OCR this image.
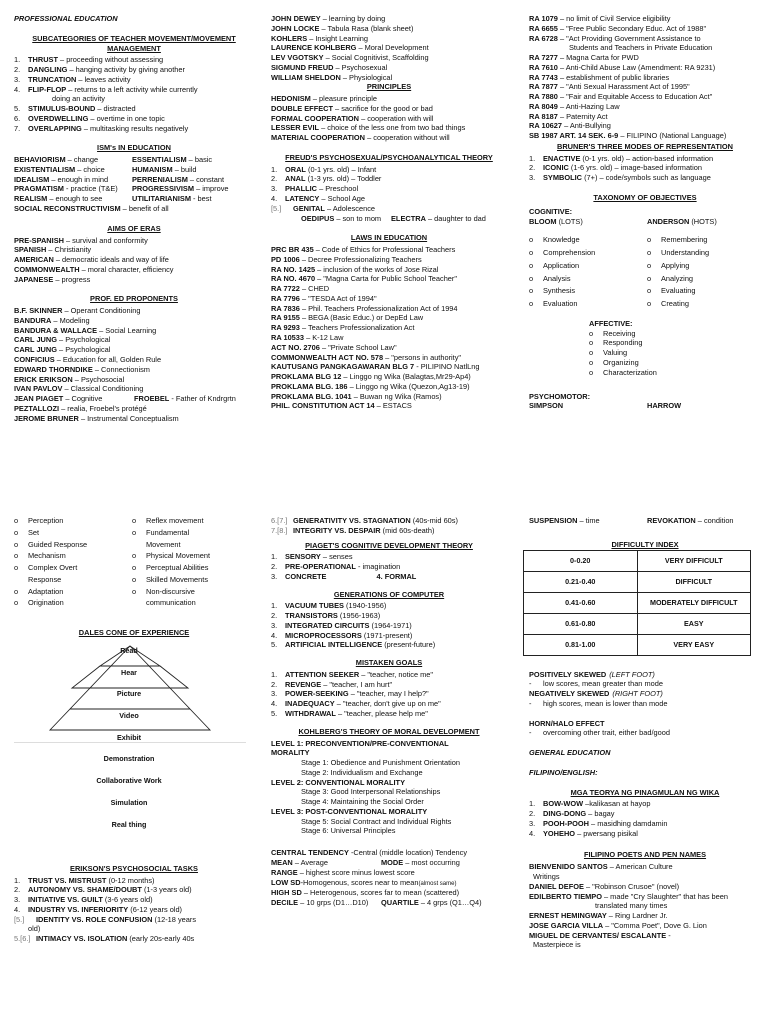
PROFESSIONAL EDUCATION
SUBCATEGORIES OF TEACHER MOVEMENT/MOVEMENT MANAGEMENT
1. THRUST – proceeding without assessing
2. DANGLING – hanging activity by giving another
3. TRUNCATION – leaves activity
4. FLIP-FLOP – returns to a left activity while currently
doing an activity
5. STIMULUS-BOUND – distracted
6. OVERDWELLING – overtime in one topic
7. OVERLAPPING – multitasking results negatively
ISM's IN EDUCATION
BEHAVIORISM – change	ESSENTIALISM – basic
EXISTENTIALISM – choice	HUMANISM – build
IDEALISM – enough in mind	PERRENIALISM – constant
PRAGMATISM - practice (T&E) PROGRESSIVISM – improve
REALISM – enough to see	UTILITARIANISM - best
SOCIAL RECONSTRUCTIVISM – benefit of all
AIMS OF ERAS
PRE-SPANISH – survival and conformity
SPANISH – Christianity
AMERICAN – democratic ideals and way of life
COMMONWEALTH – moral character, efficiency
JAPANESE – progress
PROF. ED PROPONENTS
B.F. SKINNER – Operant Conditioning
BANDURA – Modeling
BANDURA & WALLACE – Social Learning
CARL JUNG – Psychological
CARL JUNG – Psychological
CONFICIUS – Education for all, Golden Rule
EDWARD THORNDIKE – Connectionism
ERICK ERIKSON – Psychosocial
IVAN PAVLOV – Classical Conditioning
JEAN PIAGET – Cognitive	FROEBEL - Father of Kndrgrtn
PEZTALLOZI – realia, Froebel's protégé
JEROME BRUNER – Instrumental Conceptualism
JOHN DEWEY – learning by doing
JOHN LOCKE – Tabula Rasa (blank sheet)
KOHLERS – Insight Learning
LAURENCE KOHLBERG – Moral Development
LEV VGOTSKY – Social Cognitivist, Scaffolding
SIGMUND FREUD – Psychosexual
WILLIAM SHELDON – Physiological
PRINCIPLES
HEDONISM – pleasure principle
DOUBLE EFFECT – sacrifice for the good or bad
FORMAL COOPERATION – cooperation with will
LESSER EVIL – choice of the less one from two bad things
MATERIAL COOPERATION – cooperation without will
FREUD'S PSYCHOSEXUAL/PSYCHOANALYTICAL THEORY
1. ORAL (0-1 yrs. old) – Infant
2. ANAL (1-3 yrs. old) – Toddler
3. PHALLIC – Preschool
4. LATENCY – School Age
[5.] GENITAL – Adolescence
OEDIPUS – son to mom ELECTRA – daughter to dad
LAWS IN EDUCATION
PRC BR 435 – Code of Ethics for Professional Teachers
PD 1006 – Decree Professionalizing Teachers
RA NO. 1425 – inclusion of the works of Jose Rizal
RA NO. 4670 – "Magna Carta for Public School Teacher"
RA 7722 – CHED
RA 7796 – "TESDA Act of 1994"
RA 7836 – Phil. Teachers Professionalization Act of 1994
RA 9155 – BEGA (Basic Educ.) or DepEd Law
RA 9293 – Teachers Professionalization Act
RA 10533 – K-12 Law
ACT NO. 2706 – "Private School Law"
COMMONWEALTH ACT NO. 578 – "persons in authority"
KAUTUSANG PANGKAGAWARAN BLG 7 - PILIPINO NatlLng
PROKLAMA BLG 12 – Linggo ng Wika (Balagtas,Mr29-Ap4)
PROKLAMA BLG. 186 – Linggo ng Wika (Quezon,Ag13-19)
PROKLAMA BLG. 1041 – Buwan ng Wika (Ramos)
PHIL. CONSTITUTION ACT 14 – ESTACS
RA 1079 – no limit of Civil Service eligibility
RA 6655 – "Free Public Secondary Educ. Act of 1988"
RA 6728 – "Act Providing Government Assistance to
Students and Teachers in Private Education
RA 7277 – Magna Carta for PWD
RA 7610 – Anti-Child Abuse Law (Amendment: RA 9231)
RA 7743 – establishment of public libraries
RA 7877 – "Anti Sexual Harassment Act of 1995"
RA 7880 – "Fair and Equitable Access to Education Act"
RA 8049 – Anti-Hazing Law
RA 8187 – Paternity Act
RA 10627 – Anti-Bullying
SB 1987 ART. 14 SEK. 6-9 – FILIPINO (National Language)
BRUNER'S THREE MODES OF REPRESENTATION
1. ENACTIVE (0-1 yrs. old) – action-based information
2. ICONIC (1-6 yrs. old) – image-based information
3. SYMBOLIC (7+) – code/symbols such as language
TAXONOMY OF OBJECTIVES
COGNITIVE:
BLOOM (LOTS)	ANDERSON (HOTS)
o Knowledge	o Remembering
o Comprehension	o Understanding
o Application	o Applying
o Analysis	o Analyzing
o Synthesis	o Evaluating
o Evaluation	o Creating
AFFECTIVE:
o Receiving
o Responding
o Valuing
o Organizing
o Characterization
PSYCHOMOTOR:
SIMPSON	HARROW
o Perception	o Reflex movement
o Set	o Fundamental
o Guided Response	Movement
o Mechanism	o Physical Movement
o Complex Overt	o Perceptual Abilities
Response	o Skilled Movements
o Adaptation	o Non-discursive
o Origination	communication
DALES CONE OF EXPERIENCE
Read
Hear
Picture
Video
Exhibit
Demonstration
Collaborative Work
Simulation
Real thing
ERIKSON'S PSYCHOSOCIAL TASKS
1. TRUST VS. MISTRUST (0-12 months)
2. AUTONOMY VS. SHAME/DOUBT (1-3 years old)
3. INITIATIVE VS. GUILT (3-6 years old)
4. INDUSTRY VS. INFERIORITY (6-12 years old)
[5.] IDENTITY VS. ROLE CONFUSION (12-18 years
old)
5.[6.] INTIMACY VS. ISOLATION (early 20s-early 40s
6.[7.] GENERATIVITY VS. STAGNATION (40s-mid 60s)
7.[8.] INTEGRITY VS. DESPAIR (mid 60s-death)
PIAGET'S COGNITIVE DEVELOPMENT THEORY
1. SENSORY – senses
2. PRE-OPERATIONAL - imagination
3. CONCRETE	4. FORMAL
GENERATIONS OF COMPUTER
1. VACUUM TUBES (1940-1956)
2. TRANSISTORS (1956-1963)
3. INTEGRATED CIRCUITS (1964-1971)
4. MICROPROCESSORS (1971-present)
5. ARTIFICIAL INTELLIGENCE (present-future)
MISTAKEN GOALS
1. ATTENTION SEEKER – "teacher, notice me"
2. REVENGE – "teacher, I am hurt"
3. POWER-SEEKING – "teacher, may I help?"
4. INADEQUACY – "teacher, don't give up on me"
5. WITHDRAWAL – "teacher, please help me"
KOHLBERG'S THEORY OF MORAL DEVELOPMENT
LEVEL 1: PRECONVENTION/PRE-CONVENTIONAL
MORALITY
Stage 1: Obedience and Punishment Orientation
Stage 2: Individualism and Exchange
LEVEL 2: CONVENTIONAL MORALITY
Stage 3: Good Interpersonal Relationships
Stage 4: Maintaining the Social Order
LEVEL 3: POST-CONVENTIONAL MORALITY
Stage 5: Social Contract and Individual Rights
Stage 6: Universal Principles
CENTRAL TENDENCY -Central (middle location) Tendency
MEAN – Average	MODE – most occurring
RANGE – highest score minus lowest score
LOW SD-Homogenous, scores near to mean(almost same)
HIGH SD – Heterogenous, scores far to mean (scattered)
DECILE – 10 grps (D1…D10) QUARTILE – 4 grps (Q1…Q4)
SUSPENSION – time	REVOKATION – condition
DIFFICULTY INDEX
0-0.20	VERY DIFFICULT
0.21-0.40	DIFFICULT
0.41-0.60	MODERATELY DIFFICULT
0.61-0.80	EASY
0.81-1.00	VERY EASY
POSITIVELY SKEWED (LEFT FOOT)
- low scores, mean greater than mode
NEGATIVELY SKEWED (RIGHT FOOT)
- high scores, mean is lower than mode
HORN/HALO EFFECT
- overcoming other trait, either bad/good
GENERAL EDUCATION
FILIPINO/ENGLISH:
MGA TEORYA NG PINAGMULAN NG WIKA
1. BOW-WOW –kalikasan at hayop
2. DING-DONG – bagay
3. POOH-POOH – masidhing damdamin
4. YOHEHO – pwersang pisikal
FILIPINO POETS AND PEN NAMES
BIENVENIDO SANTOS – American Culture
Writings
DANIEL DEFOE – "Robinson Crusoe" (novel)
EDILBERTO TIEMPO – made "Cry Slaughter" that has been
translated many times
ERNEST HEMINGWAY – Ring Lardner Jr.
JOSE GARCIA VILLA – "Comma Poet", Dove G. Lion
MIGUEL DE CERVANTES/ ESCALANTE -
Masterpiece is
